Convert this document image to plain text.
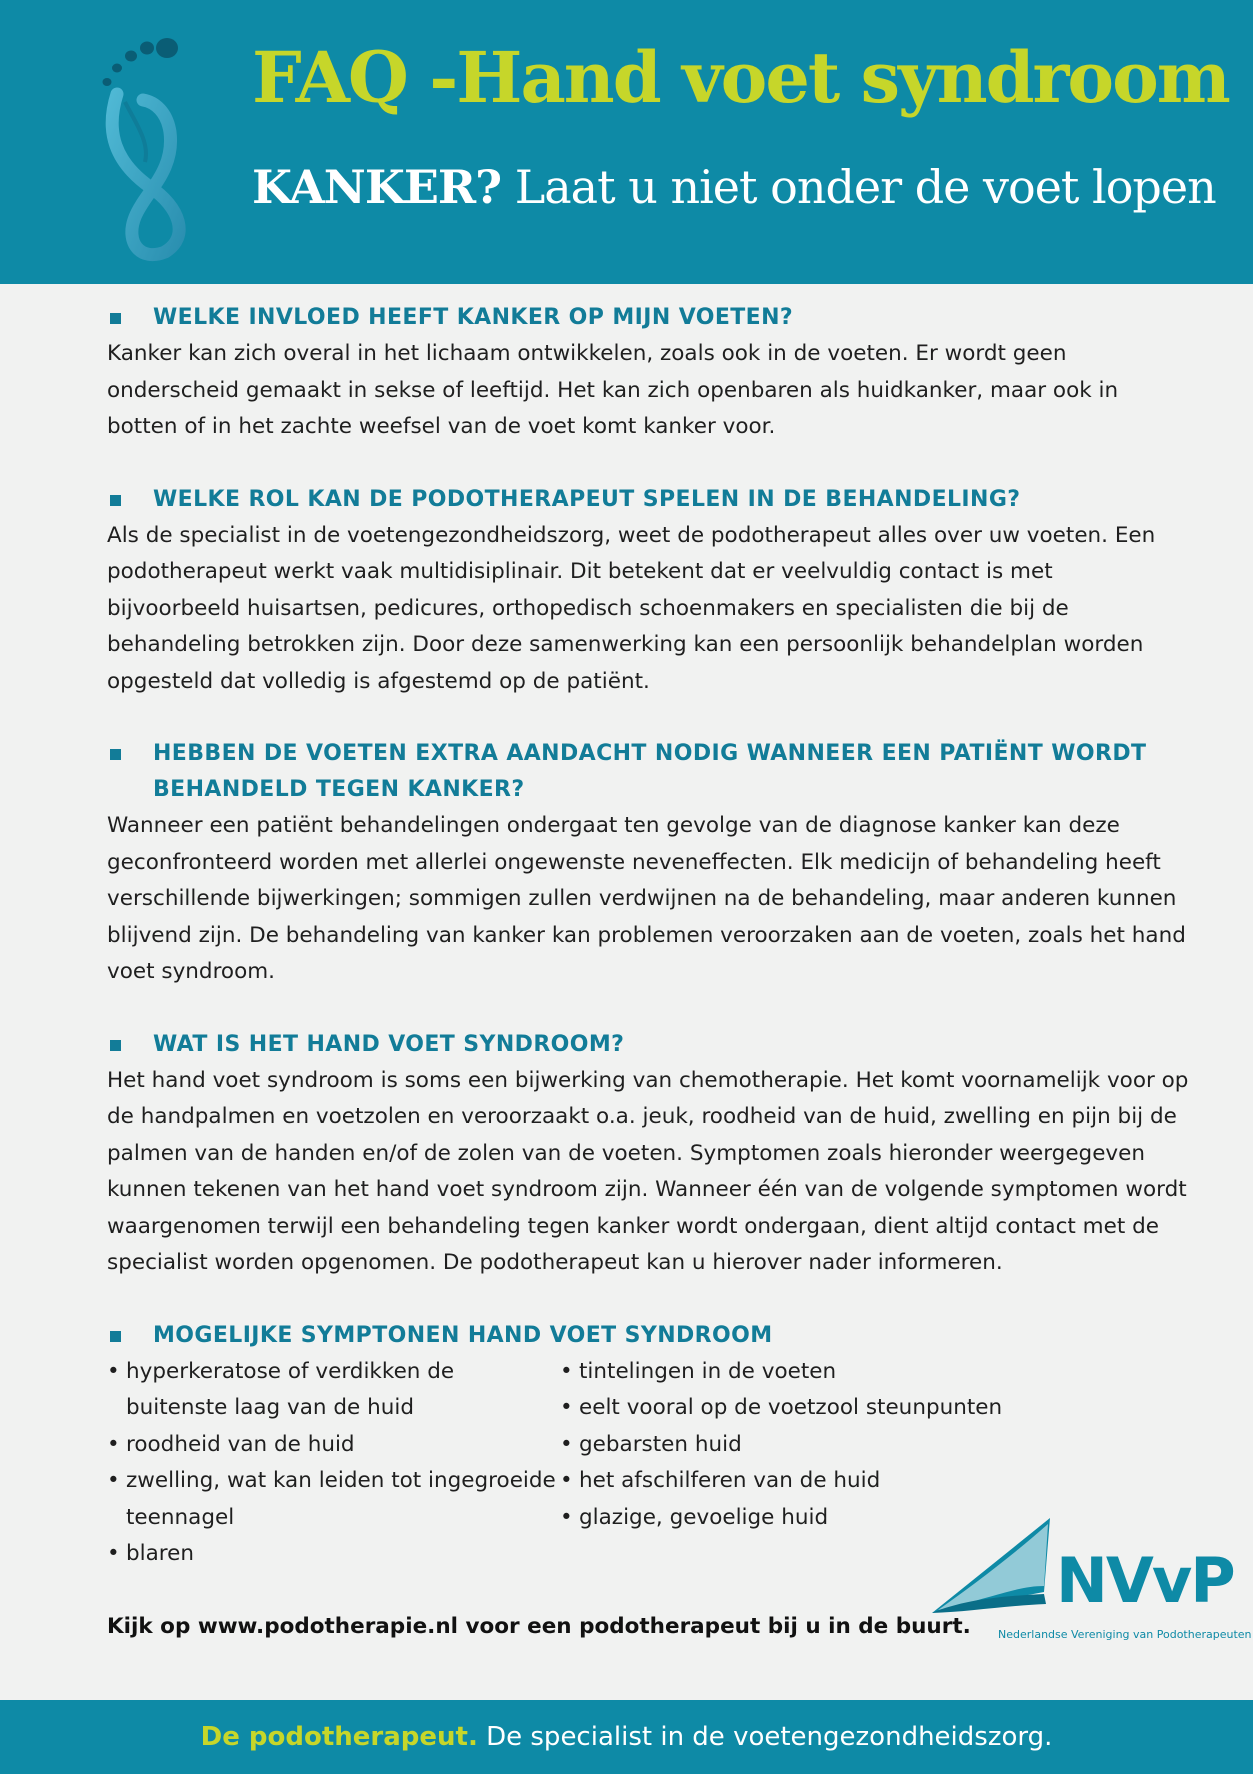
FAQ -Hand voet syndroom

KANKER? Laat u niet onder de voet lopen

WELKE INVLOED HEEFT KANKER OP MIJN VOETEN?

Kanker kan zich overal in het lichaam ontwikkelen, zoals ook in de voeten. Er wordt geen onderscheid gemaakt in sekse of leeftijd. Het kan zich openbaren als huidkanker, maar ook in botten of in het zachte weefsel van de voet komt kanker voor.

WELKE ROL KAN DE PODOTHERAPEUT SPELEN IN DE BEHANDELING?

Als de specialist in de voetengezondheidszorg, weet de podotherapeut alles over uw voeten. Een podotherapeut werkt vaak multidisiplinair. Dit betekent dat er veelvuldig contact is met bijvoorbeeld huisartsen, pedicures, orthopedisch schoenmakers en specialisten die bij de behandeling betrokken zijn. Door deze samenwerking kan een persoonlijk behandelplan worden opgesteld dat volledig is afgestemd op de patiënt.

HEBBEN DE VOETEN EXTRA AANDACHT NODIG WANNEER EEN PATIËNT WORDT BEHANDELD TEGEN KANKER?

Wanneer een patiënt behandelingen ondergaat ten gevolge van de diagnose kanker kan deze geconfronteerd worden met allerlei ongewenste neveneffecten. Elk medicijn of behandeling heeft verschillende bijwerkingen; sommigen zullen verdwijnen na de behandeling, maar anderen kunnen blijvend zijn. De behandeling van kanker kan problemen veroorzaken aan de voeten, zoals het hand voet syndroom.

WAT IS HET HAND VOET SYNDROOM?

Het hand voet syndroom is soms een bijwerking van chemotherapie. Het komt voornamelijk voor op de handpalmen en voetzolen en veroorzaakt o.a. jeuk, roodheid van de huid, zwelling en pijn bij de palmen van de handen en/of de zolen van de voeten. Symptomen zoals hieronder weergegeven kunnen tekenen van het hand voet syndroom zijn. Wanneer één van de volgende symptomen wordt waargenomen terwijl een behandeling tegen kanker wordt ondergaan, dient altijd contact met de specialist worden opgenomen. De podotherapeut kan u hierover nader informeren.

MOGELIJKE SYMPTONEN HAND VOET SYNDROOM
• hyperkeratose of verdikken de buitenste laag van de huid
• roodheid van de huid
• zwelling, wat kan leiden tot ingegroeide teennagel
• blaren
• tintelingen in de voeten
• eelt vooral op de voetzool steunpunten
• gebarsten huid
• het afschilferen van de huid
• glazige, gevoelige huid

Kijk op www.podotherapie.nl voor een podotherapeut bij u in de buurt.

NVvP
Nederlandse Vereniging van Podotherapeuten

De podotherapeut. De specialist in de voetengezondheidszorg.
